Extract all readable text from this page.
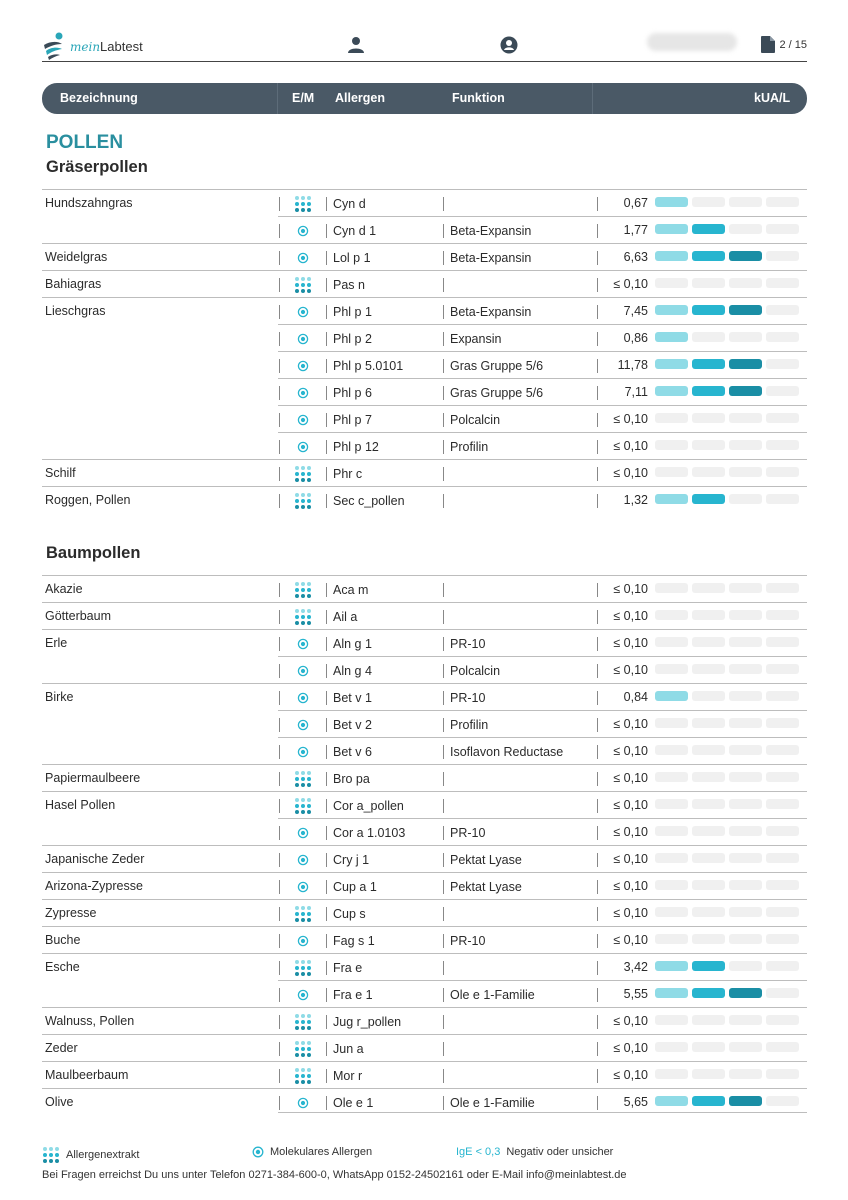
meinLabtest	2 / 15
Bezeichnung	E/M Allergen	Funktion	kUA/L
POLLEN
Gräserpollen
Hundszahngras	Cyn d	0,67
Cyn d 1	Beta-Expansin	1,77
Weidelgras	Lol p 1	Beta-Expansin	6,63
Bahiagras	Pas n	≤ 0,10
Lieschgras	Phl p 1	Beta-Expansin	7,45
Phl p 2	Expansin	0,86
Phl p 5.0101	Gras Gruppe 5/6	11,78
Phl p 6	Gras Gruppe 5/6	7,11
Phl p 7	Polcalcin	≤ 0,10
Phl p 12	Profilin	≤ 0,10
Schilf	Phr c	≤ 0,10
Roggen, Pollen	Sec c_pollen	1,32
Baumpollen
Akazie	Aca m	≤ 0,10
Götterbaum	Ail a	≤ 0,10
Erle	Aln g 1	PR-10	≤ 0,10
Aln g 4	Polcalcin	≤ 0,10
Birke	Bet v 1	PR-10	0,84
Bet v 2	Profilin	≤ 0,10
Bet v 6	Isoflavon Reductase	≤ 0,10
Papiermaulbeere	Bro pa	≤ 0,10
Hasel Pollen	Cor a_pollen	≤ 0,10
Cor a 1.0103	PR-10	≤ 0,10
Japanische Zeder	Cry j 1	Pektat Lyase	≤ 0,10
Arizona-Zypresse	Cup a 1	Pektat Lyase	≤ 0,10
Zypresse	Cup s	≤ 0,10
Buche	Fag s 1	PR-10	≤ 0,10
Esche	Fra e	3,42
Fra e 1	Ole e 1-Familie	5,55
Walnuss, Pollen	Jug r_pollen	≤ 0,10
Zeder	Jun a	≤ 0,10
Maulbeerbaum	Mor r	≤ 0,10
Olive	Ole e 1	Ole e 1-Familie	5,65
Allergenextrakt	Molekulares Allergen	IgE < 0,3 Negativ oder unsicher
Bei Fragen erreichst Du uns unter Telefon 0271-384-600-0, WhatsApp 0152-24502161 oder E-Mail info@meinlabtest.de
